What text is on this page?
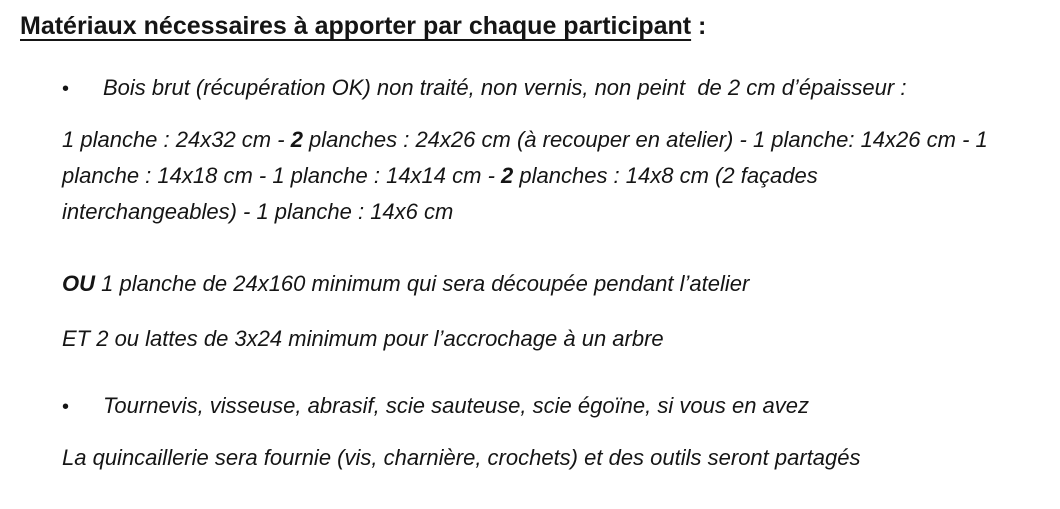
Matériaux nécessaires à apporter par chaque participant :
•	Bois brut (récupération OK) non traité, non vernis, non peint  de 2 cm d’épaisseur :
1 planche : 24x32 cm - 2 planches : 24x26 cm (à recouper en atelier) - 1 planche: 14x26 cm - 1 planche : 14x18 cm - 1 planche : 14x14 cm - 2 planches : 14x8 cm (2 façades interchangeables) - 1 planche : 14x6 cm
OU 1 planche de 24x160 minimum qui sera découpée pendant l’atelier
ET 2 ou lattes de 3x24 minimum pour l’accrochage à un arbre
•	Tournevis, visseuse, abrasif, scie sauteuse, scie égoïne, si vous en avez
La quincaillerie sera fournie (vis, charnière, crochets) et des outils seront partagés
